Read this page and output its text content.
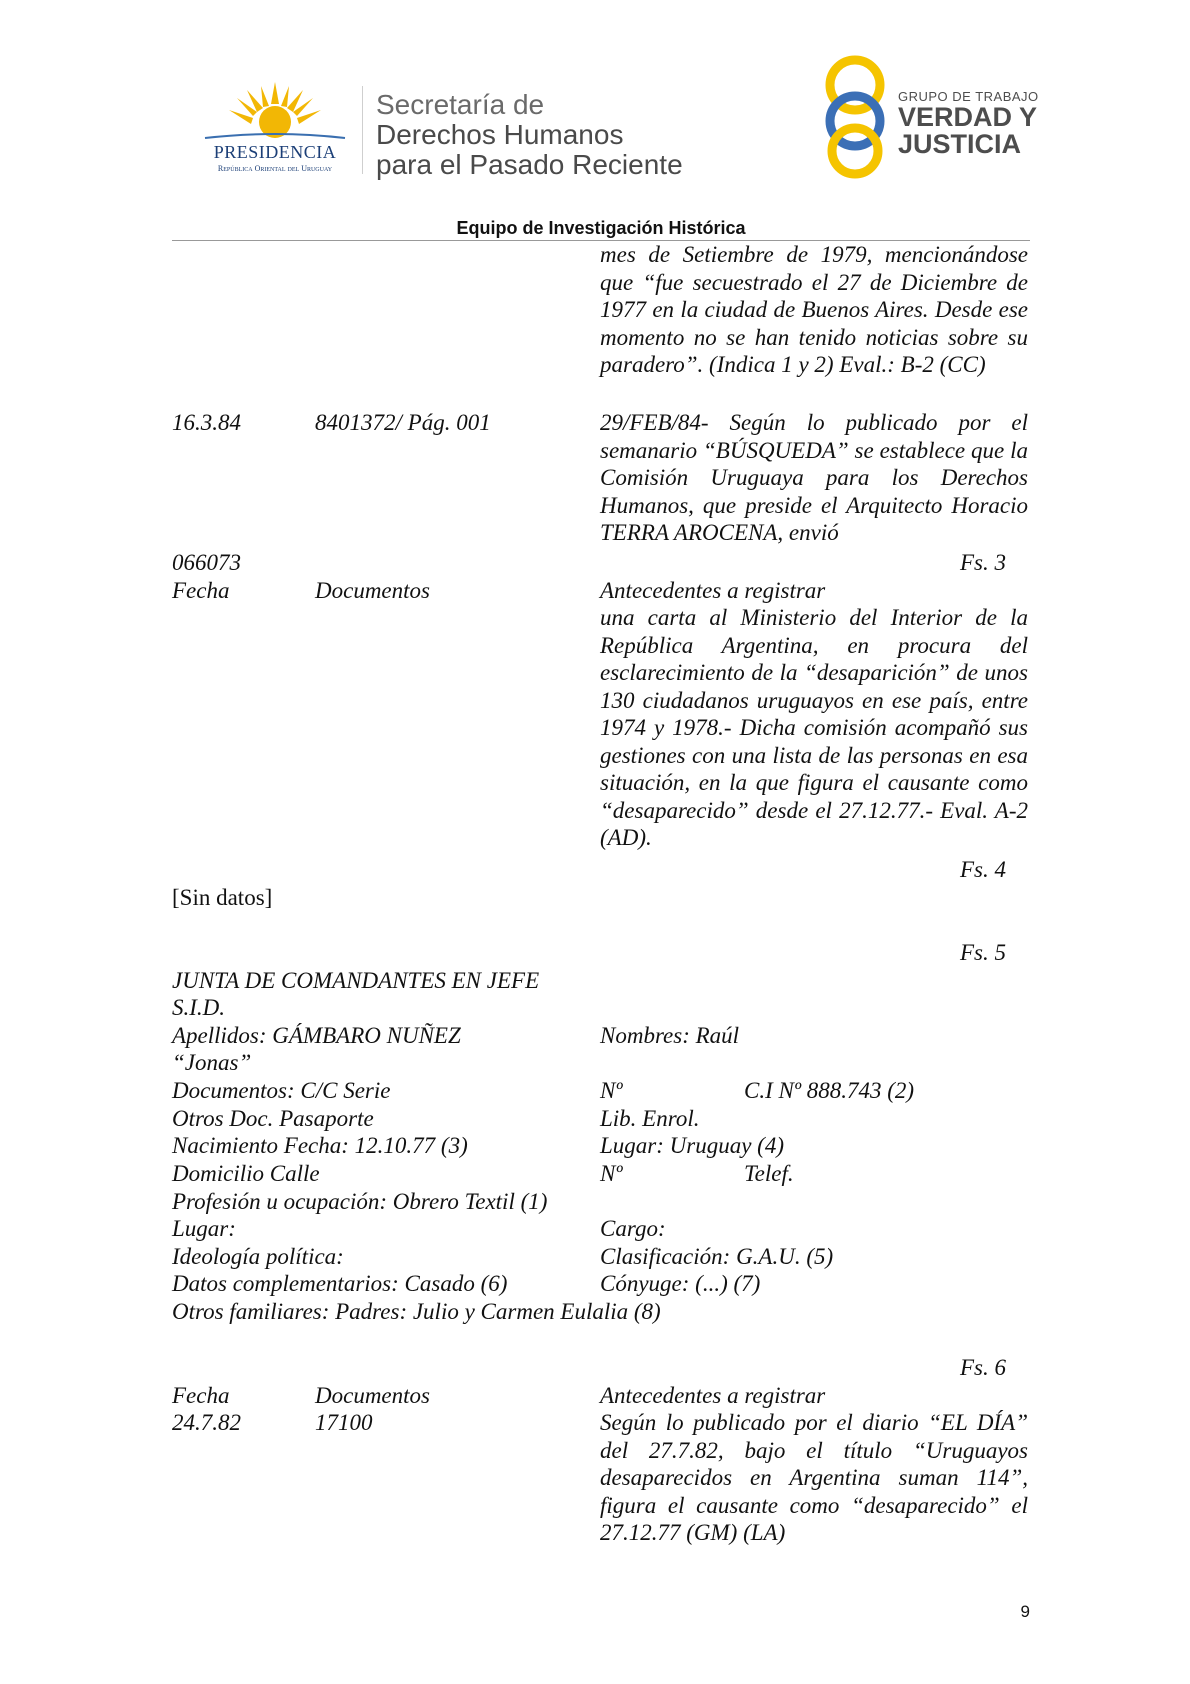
PRESIDENCIA
República Oriental del Uruguay
Secretaría de
Derechos Humanos
para el Pasado Reciente
GRUPO DE TRABAJO
VERDAD Y
JUSTICIA
Equipo de Investigación Histórica
mes de Setiembre de 1979, mencionándose que “fue secuestrado el 27 de Diciembre de 1977 en la ciudad de Buenos Aires. Desde ese momento no se han tenido noticias sobre su paradero”. (Indica 1 y 2) Eval.: B-2 (CC)
16.3.84	8401372/ Pág. 001	29/FEB/84- Según lo publicado por el semanario “BÚSQUEDA” se establece que la Comisión Uruguaya para los Derechos Humanos, que preside el Arquitecto Horacio TERRA AROCENA, envió
066073	Fs. 3
Fecha	Documentos	Antecedentes a registrar
una carta al Ministerio del Interior de la República Argentina, en procura del esclarecimiento de la “desaparición” de unos 130 ciudadanos uruguayos en ese país, entre 1974 y 1978.- Dicha comisión acompañó sus gestiones con una lista de las personas en esa situación, en la que figura el causante como “desaparecido” desde el 27.12.77.- Eval. A-2 (AD).
Fs. 4
[Sin datos]
Fs. 5
JUNTA DE COMANDANTES EN JEFE
S.I.D.
Apellidos: GÁMBARO NUÑEZ	Nombres: Raúl
“Jonas”
Documentos: C/C Serie	Nº	C.I Nº 888.743 (2)
Otros Doc. Pasaporte	Lib. Enrol.
Nacimiento Fecha: 12.10.77 (3)	Lugar: Uruguay (4)
Domicilio Calle	Nº	Telef.
Profesión u ocupación: Obrero Textil (1)
Lugar:	Cargo:
Ideología política:	Clasificación: G.A.U. (5)
Datos complementarios: Casado (6)	Cónyuge: (...) (7)
Otros familiares: Padres: Julio y Carmen Eulalia (8)
Fs. 6
Fecha	Documentos	Antecedentes a registrar
24.7.82	17100	Según lo publicado por el diario “EL DÍA” del 27.7.82, bajo el título “Uruguayos desaparecidos en Argentina suman 114”, figura el causante como “desaparecido” el 27.12.77 (GM) (LA)
9
